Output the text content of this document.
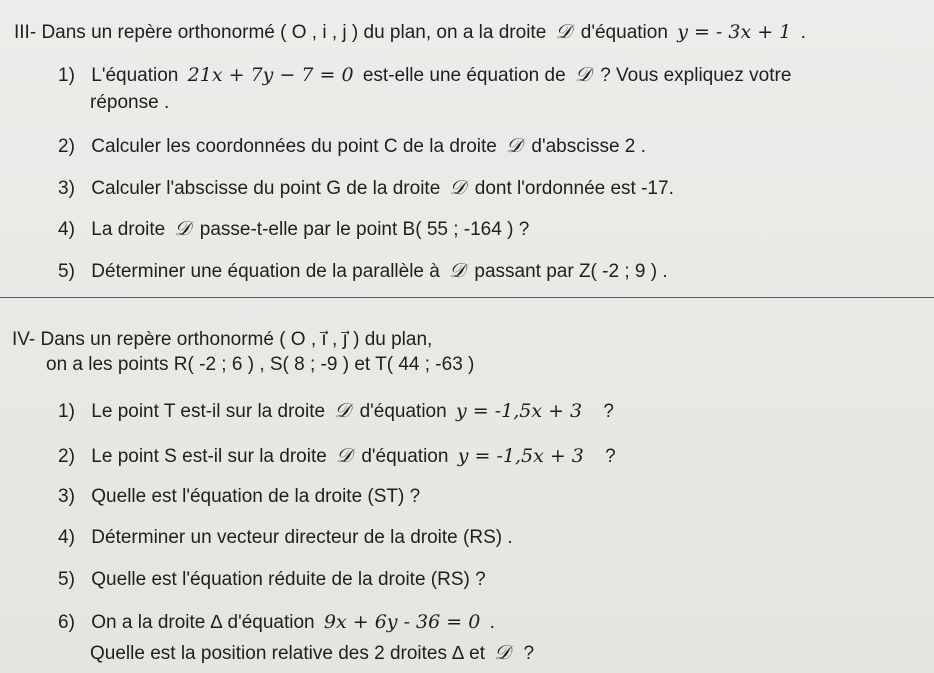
III- Dans un repère orthonormé ( O , i , j ) du plan, on a la droite 𝒟 d'équation y = - 3x + 1 .
1) L'équation 21x + 7y − 7 = 0 est-elle une équation de 𝒟 ? Vous expliquez votre
réponse .
2) Calculer les coordonnées du point C de la droite 𝒟 d'abscisse 2 .
3) Calculer l'abscisse du point G de la droite 𝒟 dont l'ordonnée est -17.
4) La droite 𝒟 passe-t-elle par le point B( 55 ; -164 ) ?
5) Déterminer une équation de la parallèle à 𝒟 passant par Z( -2 ; 9 ) .
IV- Dans un repère orthonormé ( O , ı⃗ , ȷ⃗ ) du plan,
on a les points R( -2 ; 6 ) , S( 8 ; -9 ) et T( 44 ; -63 )
1) Le point T est-il sur la droite 𝒟 d'équation y = -1,5x + 3 ?
2) Le point S est-il sur la droite 𝒟 d'équation y = -1,5x + 3 ?
3) Quelle est l'équation de la droite (ST) ?
4) Déterminer un vecteur directeur de la droite (RS) .
5) Quelle est l'équation réduite de la droite (RS) ?
6) On a la droite ∆ d'équation 9x + 6y - 36 = 0 .
Quelle est la position relative des 2 droites ∆ et 𝒟 ?
